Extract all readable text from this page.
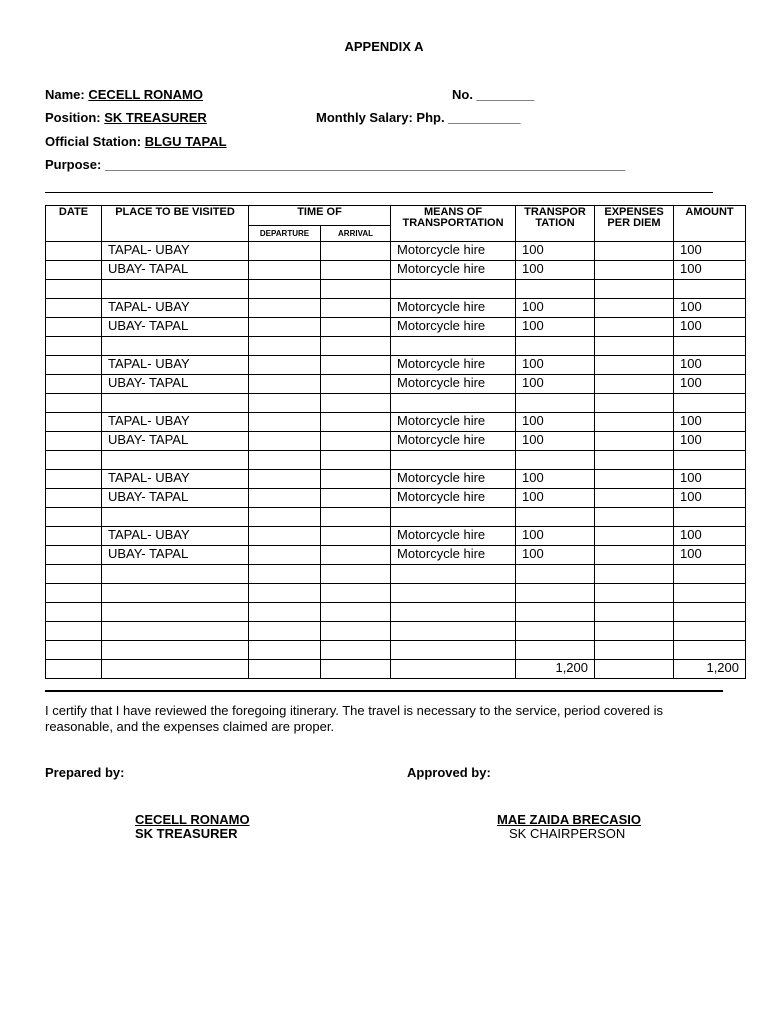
APPENDIX A
Name: CECELL RONAMO	No. ________
Position: SK TREASURER	Monthly Salary: Php. __________
Official Station: BLGU TAPAL
Purpose: ________________________________________________________________________
DATE	PLACE TO BE VISITED	TIME OF		MEANS OF TRANSPORTATION	TRANSPOR TATION	EXPENSES PER DIEM	AMOUNT
		DEPARTURE	ARRIVAL				
	TAPAL- UBAY			Motorcycle hire	100		100
	UBAY- TAPAL			Motorcycle hire	100		100

	TAPAL- UBAY			Motorcycle hire	100		100
	UBAY- TAPAL			Motorcycle hire	100		100

	TAPAL- UBAY			Motorcycle hire	100		100
	UBAY- TAPAL			Motorcycle hire	100		100

	TAPAL- UBAY			Motorcycle hire	100		100
	UBAY- TAPAL			Motorcycle hire	100		100

	TAPAL- UBAY			Motorcycle hire	100		100
	UBAY- TAPAL			Motorcycle hire	100		100

	TAPAL- UBAY			Motorcycle hire	100		100
	UBAY- TAPAL			Motorcycle hire	100		100

					1,200		1,200
I certify that I have reviewed the foregoing itinerary. The travel is necessary to the service, period covered is reasonable, and the expenses claimed are proper.
Prepared by:	Approved by:
CECELL RONAMO
SK TREASURER
MAE ZAIDA BRECASIO
SK CHAIRPERSON
